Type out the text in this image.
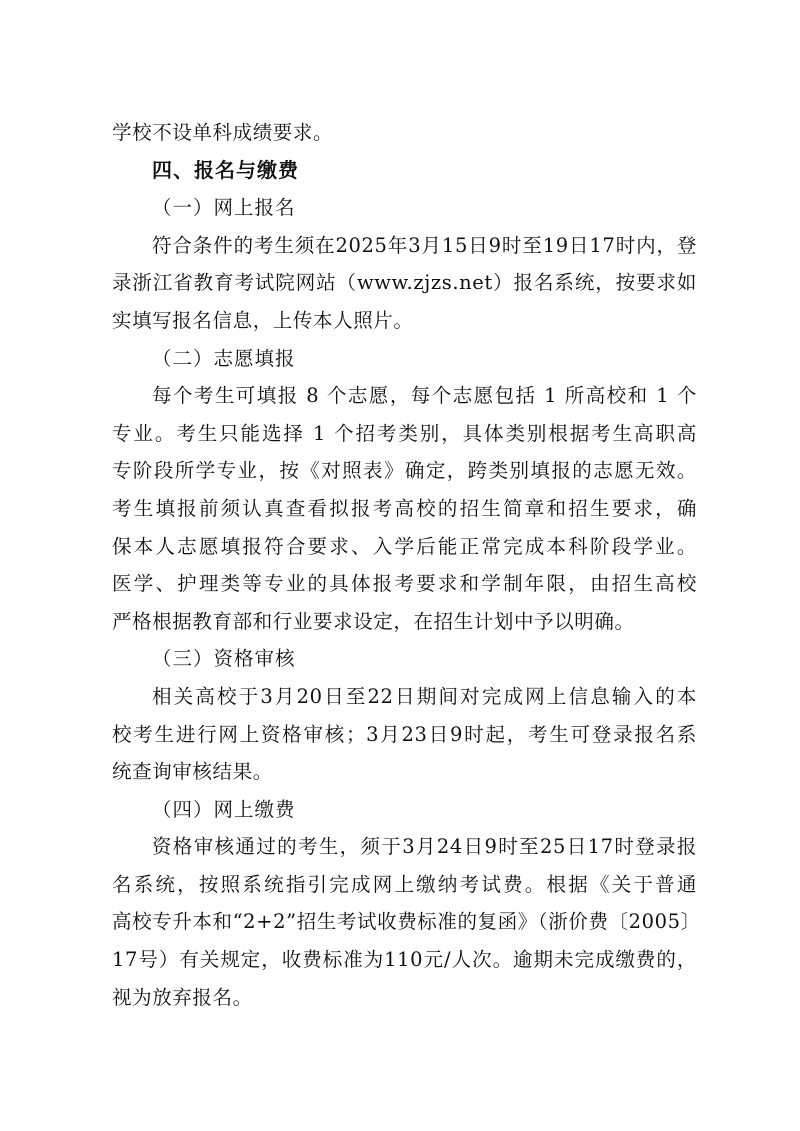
学校不设单科成绩要求。
四、报名与缴费
（一）网上报名
符合条件的考生须在2025年3月15日9时至19日17时内，登
录浙江省教育考试院网站（www.zjzs.net）报名系统，按要求如
实填写报名信息，上传本人照片。
（二）志愿填报
每个考生可填报 8 个志愿，每个志愿包括 1 所高校和 1 个
专业。考生只能选择 1 个招考类别，具体类别根据考生高职高
专阶段所学专业，按《对照表》确定，跨类别填报的志愿无效。
考生填报前须认真查看拟报考高校的招生简章和招生要求，确
保本人志愿填报符合要求、入学后能正常完成本科阶段学业。
医学、护理类等专业的具体报考要求和学制年限，由招生高校
严格根据教育部和行业要求设定，在招生计划中予以明确。
（三）资格审核
相关高校于3月20日至22日期间对完成网上信息输入的本
校考生进行网上资格审核；3月23日9时起，考生可登录报名系
统查询审核结果。
（四）网上缴费
资格审核通过的考生，须于3月24日9时至25日17时登录报
名系统，按照系统指引完成网上缴纳考试费。根据《关于普通
高校专升本和“2+2”招生考试收费标准的复函》（浙价费〔2005〕
17号）有关规定，收费标准为110元/人次。逾期未完成缴费的，
视为放弃报名。
